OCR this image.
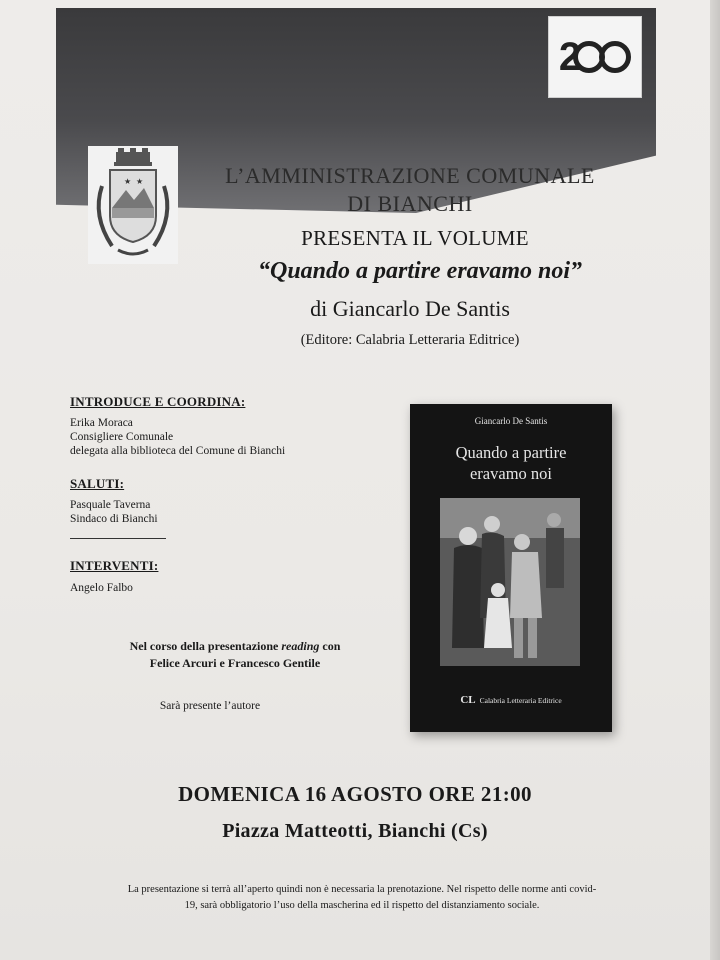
2
★ ★	L’AMMINISTRAZIONE COMUNALE
DI BIANCHI
PRESENTA IL VOLUME
“Quando a partire eravamo noi”
di Giancarlo De Santis
(Editore: Calabria Letteraria Editrice)
INTRODUCE E COORDINA:
Erika Moraca
Consigliere Comunale
delegata alla biblioteca del Comune di Bianchi
SALUTI:
Pasquale Taverna
Sindaco di Bianchi
INTERVENTI:
Angelo Falbo
Nel corso della presentazione reading con
Felice Arcuri e Francesco Gentile
Sarà presente l’autore
Giancarlo De Santis
Quando a partire
eravamo noi
CL Calabria Letteraria Editrice
DOMENICA 16 AGOSTO ORE 21:00
Piazza Matteotti, Bianchi (Cs)
La presentazione si terrà all’aperto quindi non è necessaria la prenotazione. Nel rispetto delle norme anti covid-
19, sarà obbligatorio l’uso della mascherina ed il rispetto del distanziamento sociale.
